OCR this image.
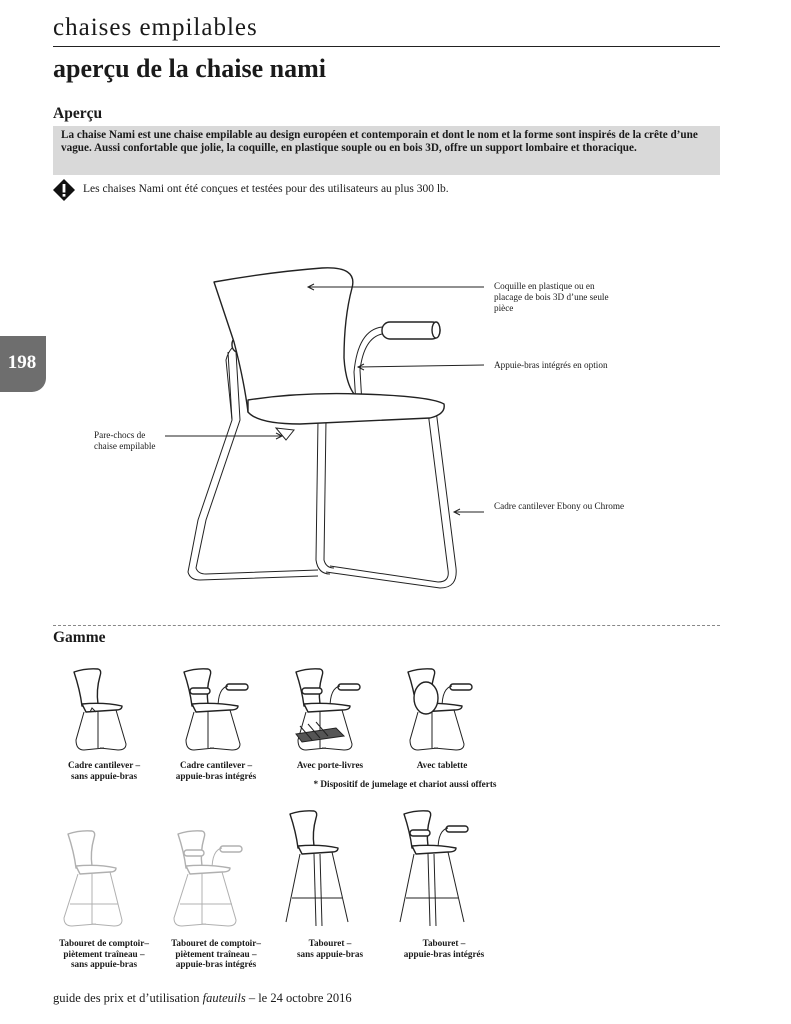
chaises empilables
aperçu de la chaise nami
Aperçu
La chaise Nami est une chaise empilable au design européen et contemporain et dont le nom et la forme sont inspirés de la crête d’une vague. Aussi confortable que jolie, la coquille, en plastique souple ou en bois 3D, offre un support lombaire et thoracique.
Les chaises Nami ont été conçues et testées pour des utilisateurs au plus 300 lb.
198
Coquille en plastique ou en placage de bois 3D d’une seule pièce
Appuie-bras intégrés en option
Pare-chocs de chaise empilable
Cadre cantilever Ebony ou Chrome
Gamme
Cadre cantilever –
sans appuie-bras
Cadre cantilever –
appuie-bras intégrés
Avec porte-livres	Avec tablette
* Dispositif de jumelage et chariot aussi offerts
Tabouret de comptoir–
piètement traîneau –
sans appuie-bras
Tabouret de comptoir–
piètement traîneau –
appuie-bras intégrés
Tabouret –
sans appuie-bras
Tabouret –
appuie-bras intégrés
guide des prix et d’utilisation fauteuils – le 24 octobre 2016
